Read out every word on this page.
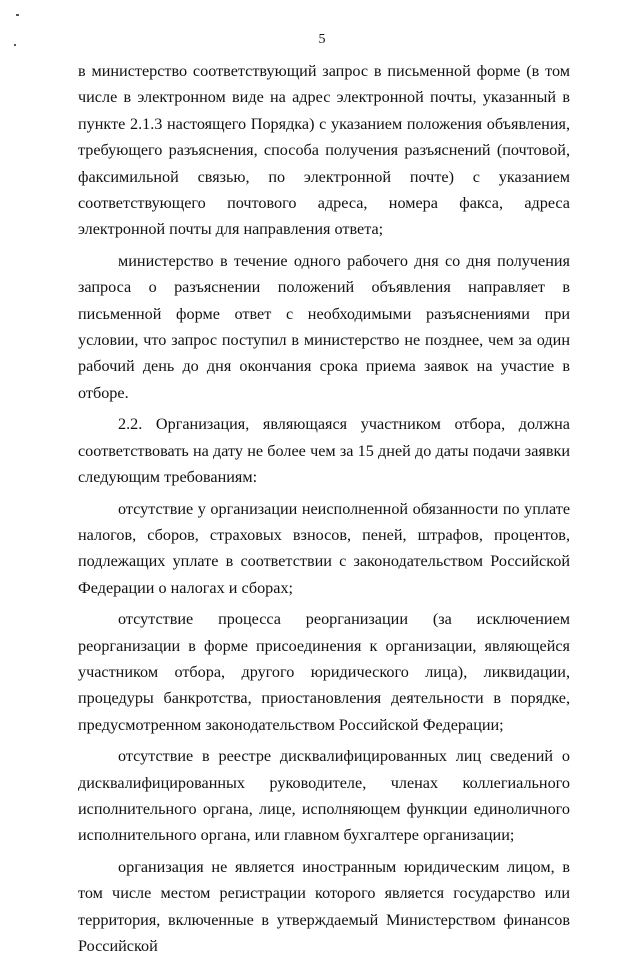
5

в министерство соответствующий запрос в письменной форме (в том числе в электронном виде на адрес электронной почты, указанный в пункте 2.1.3 настоящего Порядка) с указанием положения объявления, требующего разъяснения, способа получения разъяснений (почтовой, факсимильной связью, по электронной почте) с указанием соответствующего почтового адреса, номера факса, адреса электронной почты для направления ответа;

министерство в течение одного рабочего дня со дня получения запроса о разъяснении положений объявления направляет в письменной форме ответ с необходимыми разъяснениями при условии, что запрос поступил в министерство не позднее, чем за один рабочий день до дня окончания срока приема заявок на участие в отборе.

2.2. Организация, являющаяся участником отбора, должна соответствовать на дату не более чем за 15 дней до даты подачи заявки следующим требованиям:

отсутствие у организации неисполненной обязанности по уплате налогов, сборов, страховых взносов, пеней, штрафов, процентов, подлежащих уплате в соответствии с законодательством Российской Федерации о налогах и сборах;

отсутствие процесса реорганизации (за исключением реорганизации в форме присоединения к организации, являющейся участником отбора, другого юридического лица), ликвидации, процедуры банкротства, приостановления деятельности в порядке, предусмотренном законодательством Российской Федерации;

отсутствие в реестре дисквалифицированных лиц сведений о дисквалифицированных руководителе, членах коллегиального исполнительного органа, лице, исполняющем функции единоличного исполнительного органа, или главном бухгалтере организации;

организация не является иностранным юридическим лицом, в том числе местом регистрации которого является государство или территория, включенные в утверждаемый Министерством финансов Российской
